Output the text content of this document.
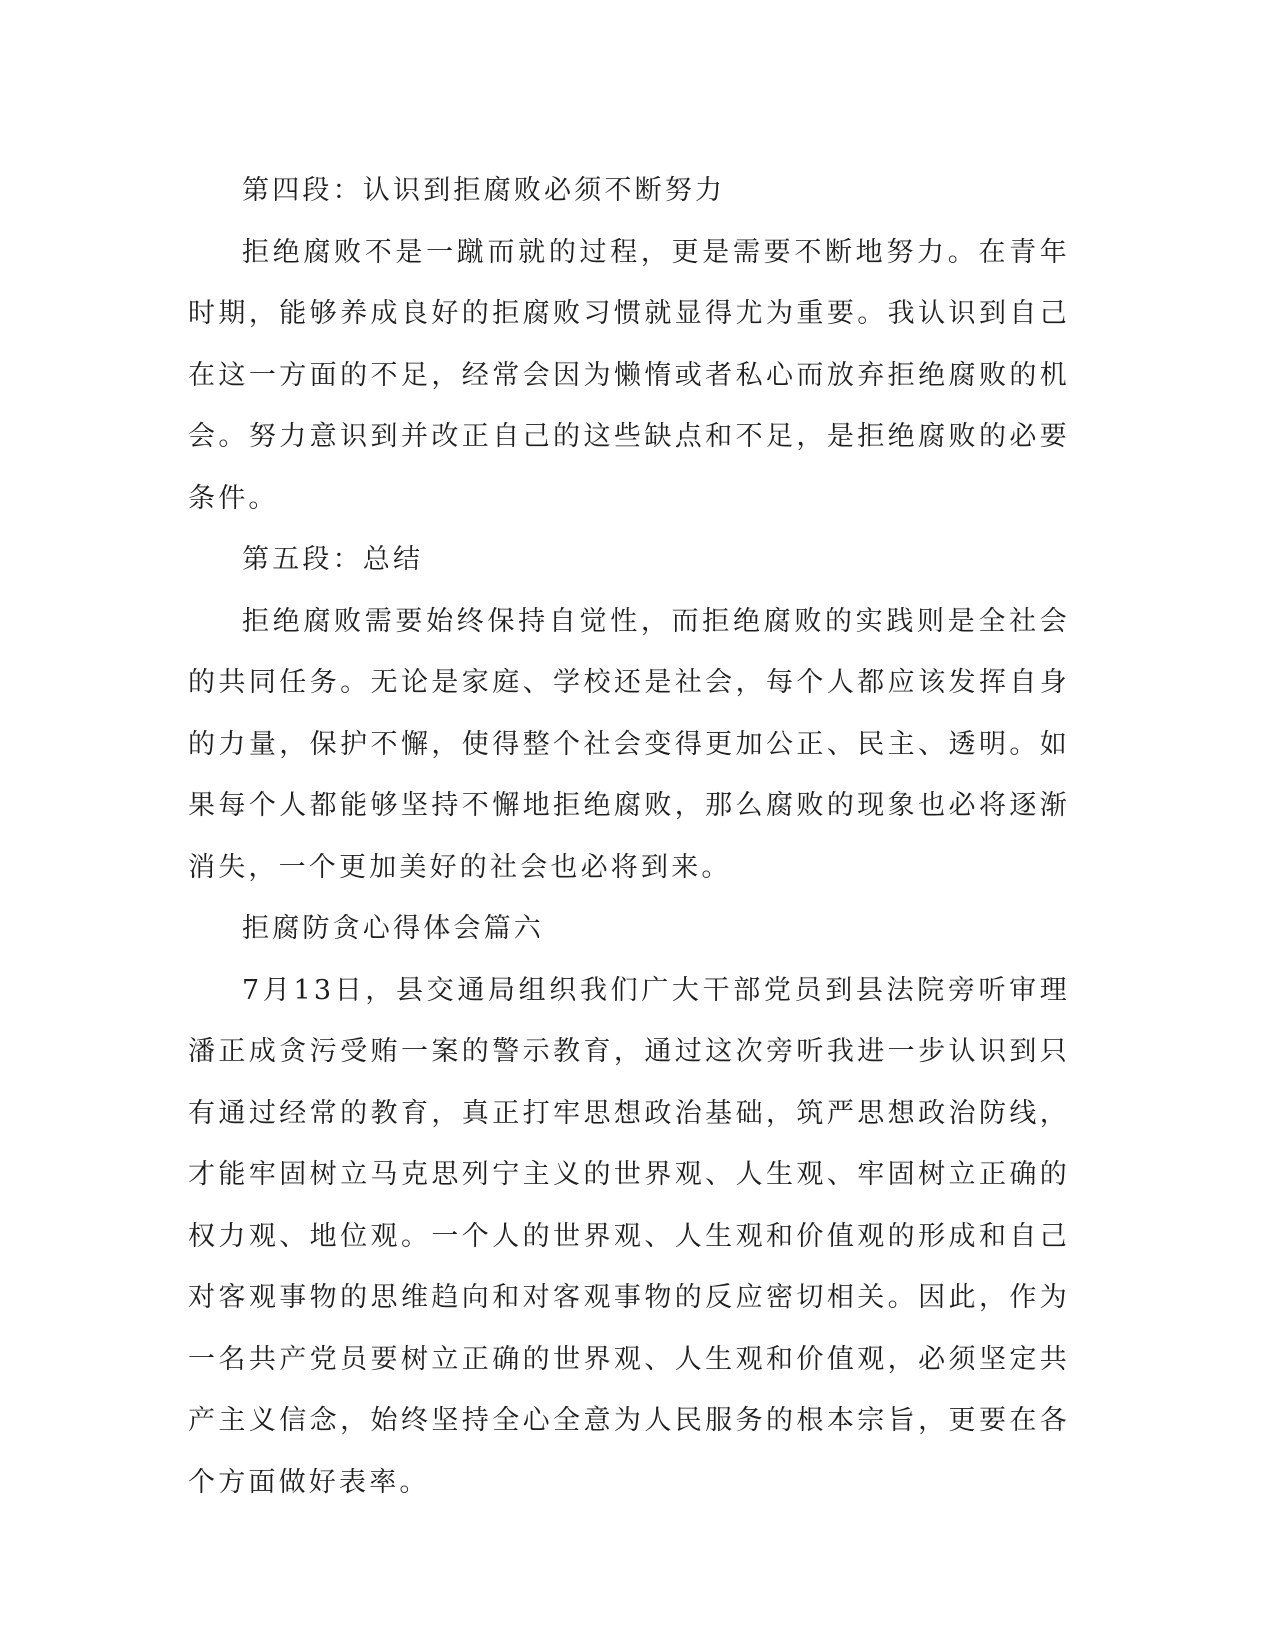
第四段：认识到拒腐败必须不断努力

拒绝腐败不是一蹴而就的过程，更是需要不断地努力。在青年时期，能够养成良好的拒腐败习惯就显得尤为重要。我认识到自己在这一方面的不足，经常会因为懒惰或者私心而放弃拒绝腐败的机会。努力意识到并改正自己的这些缺点和不足，是拒绝腐败的必要条件。

第五段：总结

拒绝腐败需要始终保持自觉性，而拒绝腐败的实践则是全社会的共同任务。无论是家庭、学校还是社会，每个人都应该发挥自身的力量，保护不懈，使得整个社会变得更加公正、民主、透明。如果每个人都能够坚持不懈地拒绝腐败，那么腐败的现象也必将逐渐消失，一个更加美好的社会也必将到来。

拒腐防贪心得体会篇六

7月13日，县交通局组织我们广大干部党员到县法院旁听审理潘正成贪污受贿一案的警示教育，通过这次旁听我进一步认识到只有通过经常的教育，真正打牢思想政治基础，筑严思想政治防线，才能牢固树立马克思列宁主义的世界观、人生观、牢固树立正确的权力观、地位观。一个人的世界观、人生观和价值观的形成和自己对客观事物的思维趋向和对客观事物的反应密切相关。因此，作为一名共产党员要树立正确的世界观、人生观和价值观，必须坚定共产主义信念，始终坚持全心全意为人民服务的根本宗旨，更要在各个方面做好表率。
